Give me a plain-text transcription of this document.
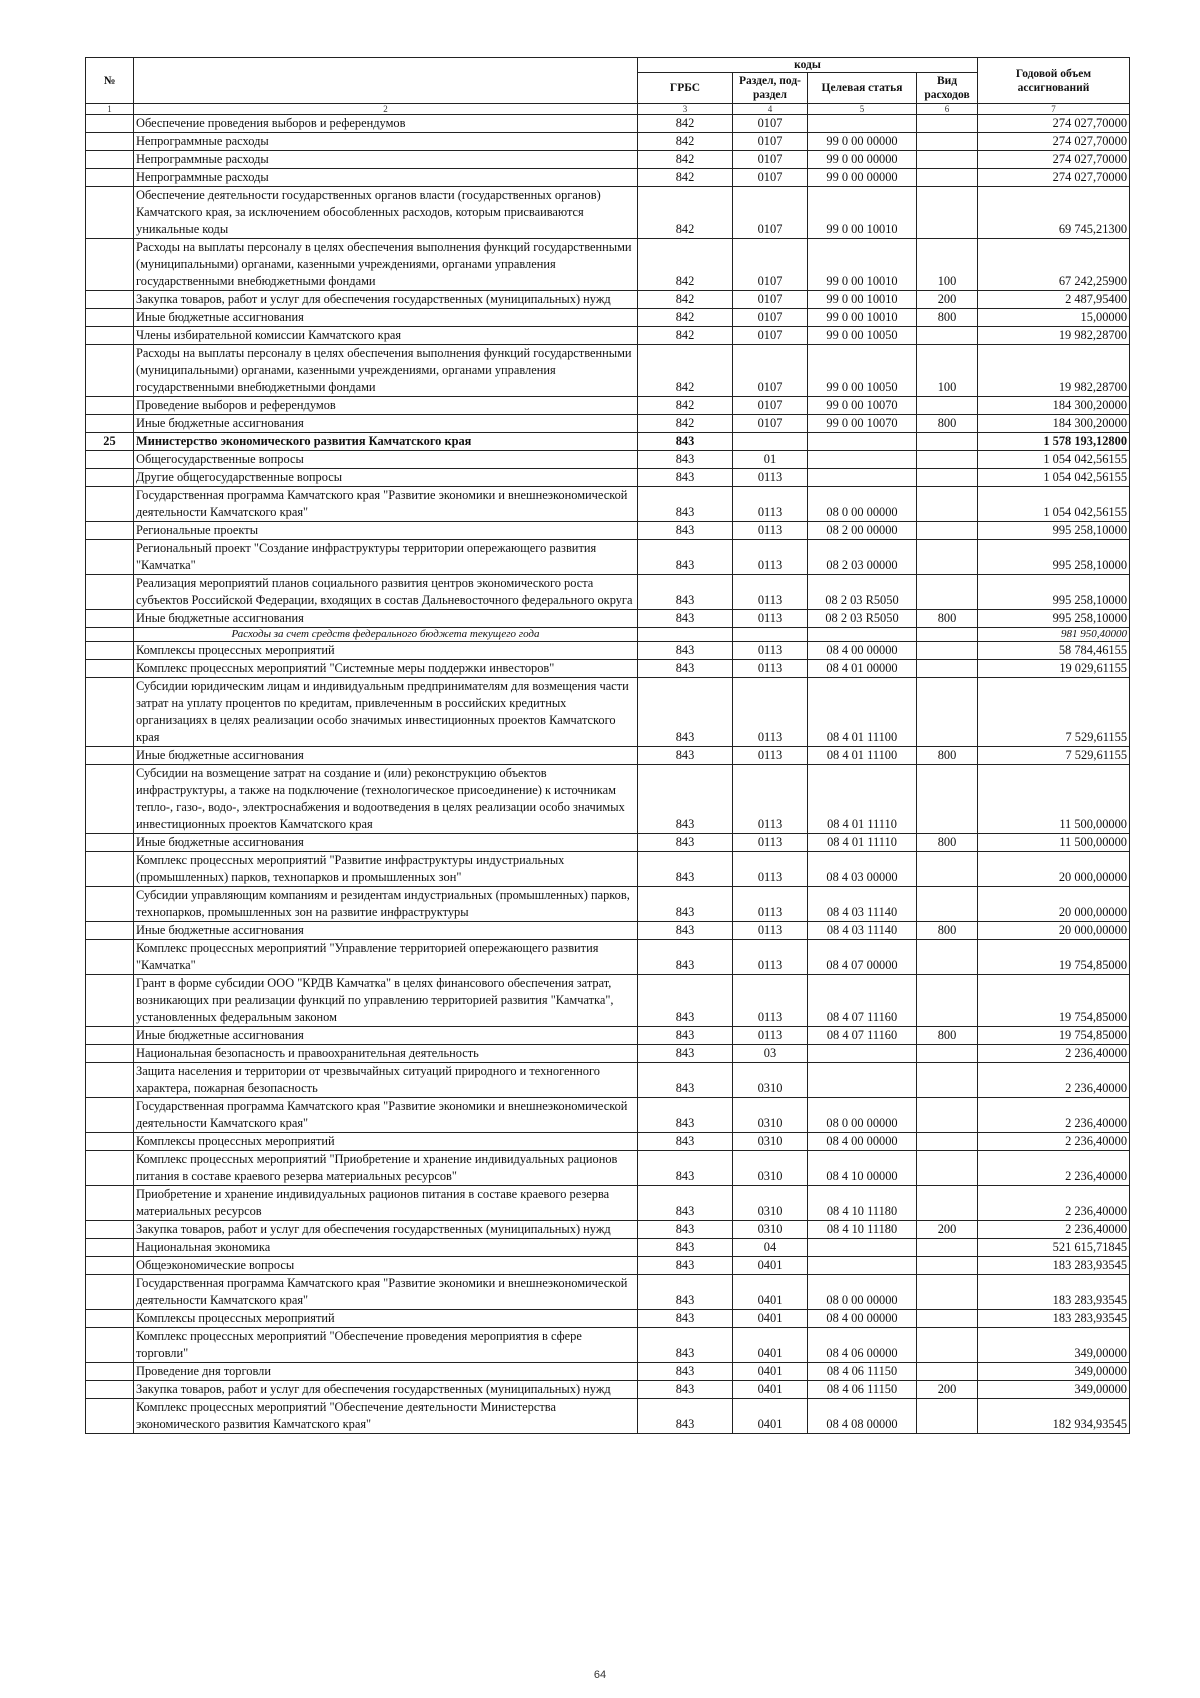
№		коды				Годовой объем ассигнований
		ГРБС	Раздел, под-раздел	Целевая статья	Вид расходов	
1	2	3	4	5	6	7
	Обеспечение проведения выборов и референдумов	842	0107			274 027,70000
	Непрограммные расходы	842	0107	99 0 00 00000		274 027,70000
	Непрограммные расходы	842	0107	99 0 00 00000		274 027,70000
	Непрограммные расходы	842	0107	99 0 00 00000		274 027,70000
	Обеспечение деятельности государственных органов власти (государственных органов) Камчатского края, за исключением обособленных расходов, которым присваиваются уникальные коды	842	0107	99 0 00 10010		69 745,21300
	Расходы на выплаты персоналу в целях обеспечения выполнения функций государственными (муниципальными) органами, казенными учреждениями, органами управления государственными внебюджетными фондами	842	0107	99 0 00 10010	100	67 242,25900
	Закупка товаров, работ и услуг для обеспечения государственных (муниципальных) нужд	842	0107	99 0 00 10010	200	2 487,95400
	Иные бюджетные ассигнования	842	0107	99 0 00 10010	800	15,00000
	Члены избирательной комиссии Камчатского края	842	0107	99 0 00 10050		19 982,28700
	Расходы на выплаты персоналу в целях обеспечения выполнения функций государственными (муниципальными) органами, казенными учреждениями, органами управления государственными внебюджетными фондами	842	0107	99 0 00 10050	100	19 982,28700
	Проведение выборов и референдумов	842	0107	99 0 00 10070		184 300,20000
	Иные бюджетные ассигнования	842	0107	99 0 00 10070	800	184 300,20000
25	Министерство экономического развития Камчатского края	843				1 578 193,12800
	Общегосударственные вопросы	843	01			1 054 042,56155
	Другие общегосударственные вопросы	843	0113			1 054 042,56155
	Государственная программа Камчатского края "Развитие экономики и внешнеэкономической деятельности Камчатского края"	843	0113	08 0 00 00000		1 054 042,56155
	Региональные проекты	843	0113	08 2 00 00000		995 258,10000
	Региональный проект "Создание инфраструктуры территории опережающего развития "Камчатка"	843	0113	08 2 03 00000		995 258,10000
	Реализация мероприятий планов социального развития центров экономического роста субъектов Российской Федерации, входящих в состав Дальневосточного федерального округа	843	0113	08 2 03 R5050		995 258,10000
	Иные бюджетные ассигнования	843	0113	08 2 03 R5050	800	995 258,10000
	Расходы за счет средств федерального бюджета текущего года					981 950,40000
	Комплексы процессных мероприятий	843	0113	08 4 00 00000		58 784,46155
	Комплекс процессных мероприятий "Системные меры поддержки инвесторов"	843	0113	08 4 01 00000		19 029,61155
	Субсидии юридическим лицам и индивидуальным предпринимателям для возмещения части затрат на уплату процентов по кредитам, привлеченным в российских кредитных организациях в целях реализации особо значимых инвестиционных проектов Камчатского края	843	0113	08 4 01 11100		7 529,61155
	Иные бюджетные ассигнования	843	0113	08 4 01 11100	800	7 529,61155
	Субсидии на возмещение затрат на создание и (или) реконструкцию объектов инфраструктуры, а также на подключение (технологическое присоединение) к источникам тепло-, газо-, водо-, электроснабжения и водоотведения в целях реализации особо значимых инвестиционных проектов Камчатского края	843	0113	08 4 01 11110		11 500,00000
	Иные бюджетные ассигнования	843	0113	08 4 01 11110	800	11 500,00000
	Комплекс процессных мероприятий "Развитие инфраструктуры индустриальных (промышленных) парков, технопарков и промышленных зон"	843	0113	08 4 03 00000		20 000,00000
	Субсидии управляющим компаниям и резидентам индустриальных (промышленных) парков, технопарков, промышленных зон на развитие инфраструктуры	843	0113	08 4 03 11140		20 000,00000
	Иные бюджетные ассигнования	843	0113	08 4 03 11140	800	20 000,00000
	Комплекс процессных мероприятий "Управление территорией опережающего развития "Камчатка"	843	0113	08 4 07 00000		19 754,85000
	Грант в форме субсидии ООО "КРДВ Камчатка" в целях финансового обеспечения затрат, возникающих при реализации функций по управлению территорией развития "Камчатка", установленных федеральным законом	843	0113	08 4 07 11160		19 754,85000
	Иные бюджетные ассигнования	843	0113	08 4 07 11160	800	19 754,85000
	Национальная безопасность и правоохранительная деятельность	843	03			2 236,40000
	Защита населения и территории от чрезвычайных ситуаций природного и техногенного характера, пожарная безопасность	843	0310			2 236,40000
	Государственная программа Камчатского края "Развитие экономики и внешнеэкономической деятельности Камчатского края"	843	0310	08 0 00 00000		2 236,40000
	Комплексы процессных мероприятий	843	0310	08 4 00 00000		2 236,40000
	Комплекс процессных мероприятий "Приобретение и хранение индивидуальных рационов питания в составе краевого резерва материальных ресурсов"	843	0310	08 4 10 00000		2 236,40000
	Приобретение и хранение индивидуальных рационов питания в составе краевого резерва материальных ресурсов	843	0310	08 4 10 11180		2 236,40000
	Закупка товаров, работ и услуг для обеспечения государственных (муниципальных) нужд	843	0310	08 4 10 11180	200	2 236,40000
	Национальная экономика	843	04			521 615,71845
	Общеэкономические вопросы	843	0401			183 283,93545
	Государственная программа Камчатского края "Развитие экономики и внешнеэкономической деятельности Камчатского края"	843	0401	08 0 00 00000		183 283,93545
	Комплексы процессных мероприятий	843	0401	08 4 00 00000		183 283,93545
	Комплекс процессных мероприятий "Обеспечение проведения мероприятия в сфере торговли"	843	0401	08 4 06 00000		349,00000
	Проведение дня торговли	843	0401	08 4 06 11150		349,00000
	Закупка товаров, работ и услуг для обеспечения государственных (муниципальных) нужд	843	0401	08 4 06 11150	200	349,00000
	Комплекс процессных мероприятий "Обеспечение деятельности Министерства экономического развития Камчатского края"	843	0401	08 4 08 00000		182 934,93545
64
